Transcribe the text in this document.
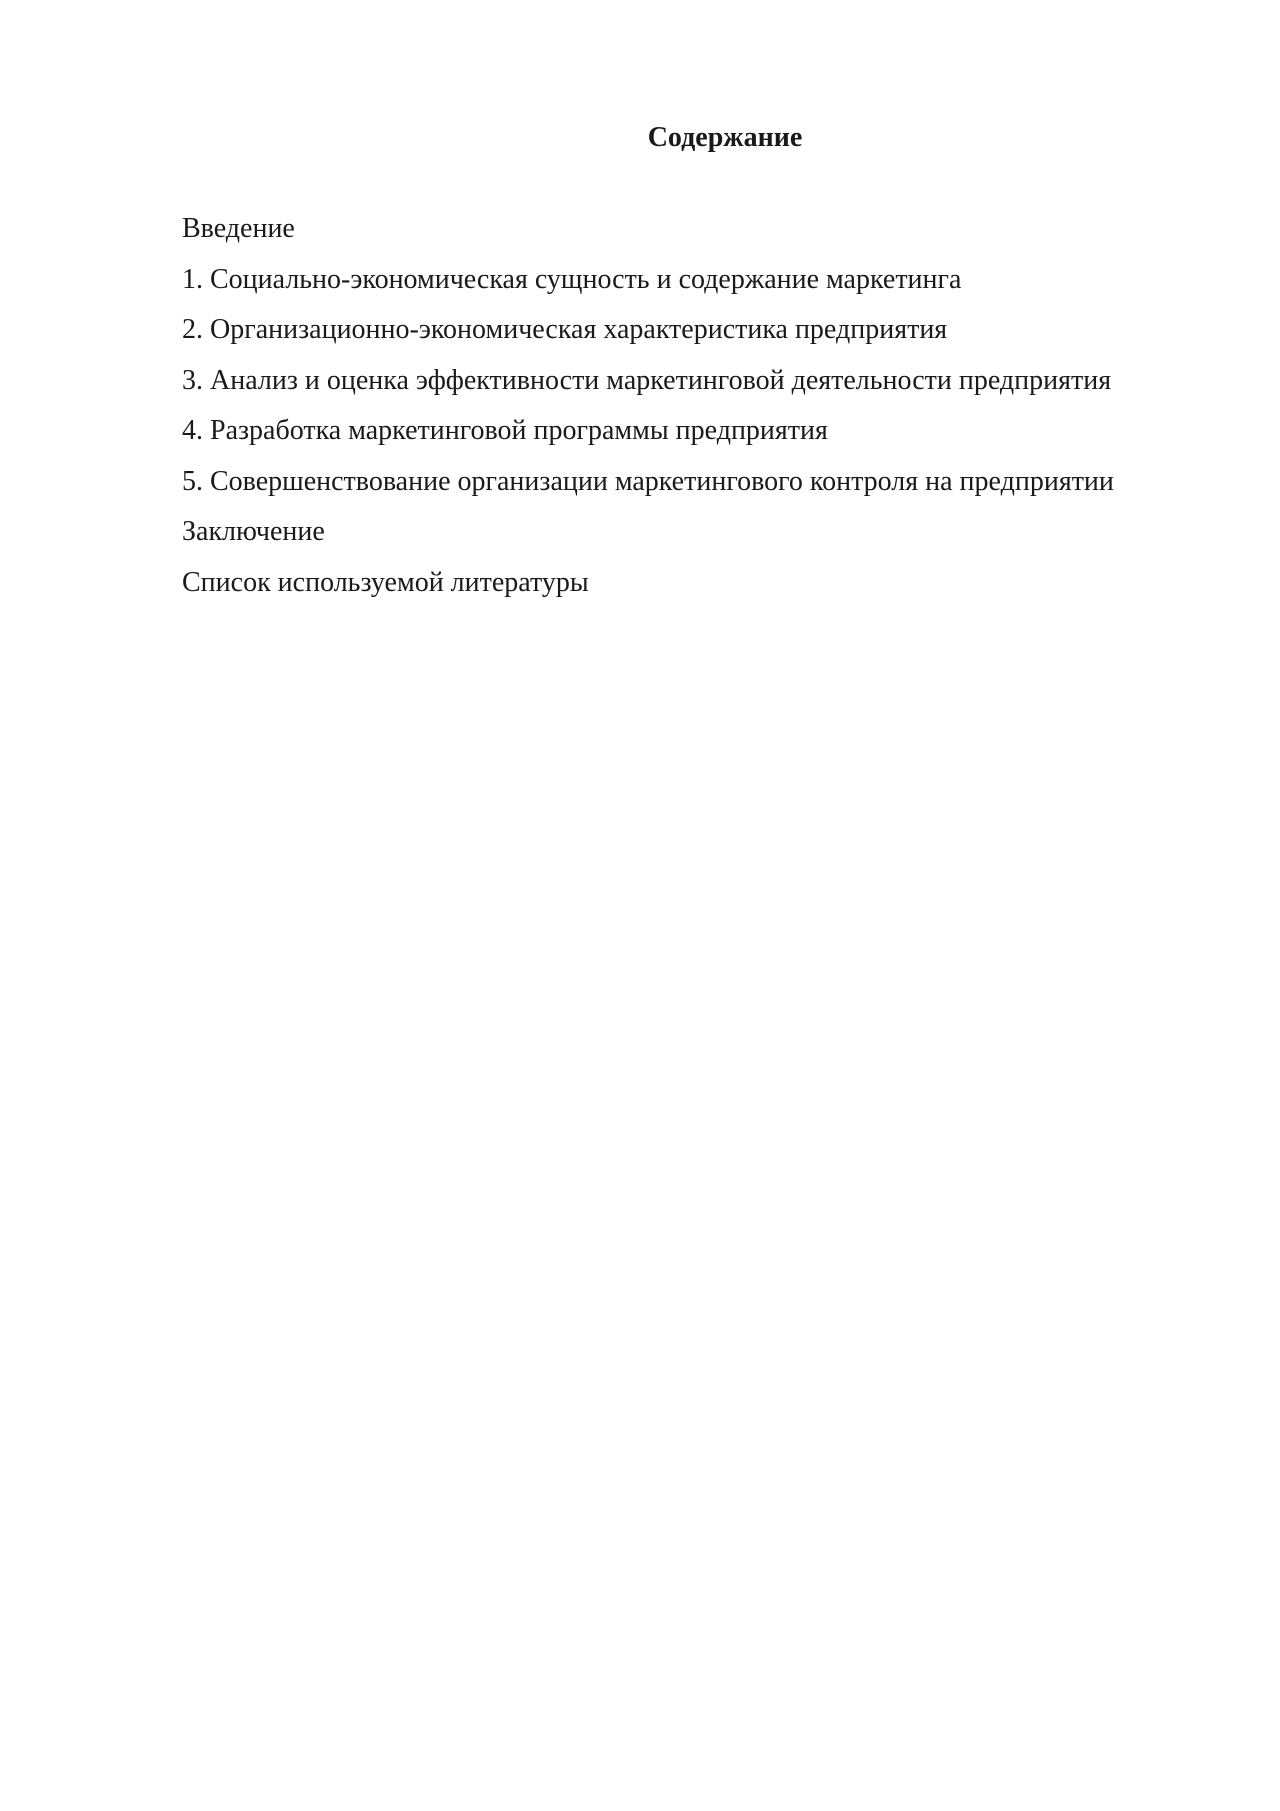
Содержание
Введение
1. Социально-экономическая сущность и содержание маркетинга
2. Организационно-экономическая характеристика предприятия
3. Анализ и оценка эффективности маркетинговой деятельности предприятия
4. Разработка маркетинговой программы предприятия
5. Совершенствование организации маркетингового контроля на предприятии
Заключение
Список используемой литературы
